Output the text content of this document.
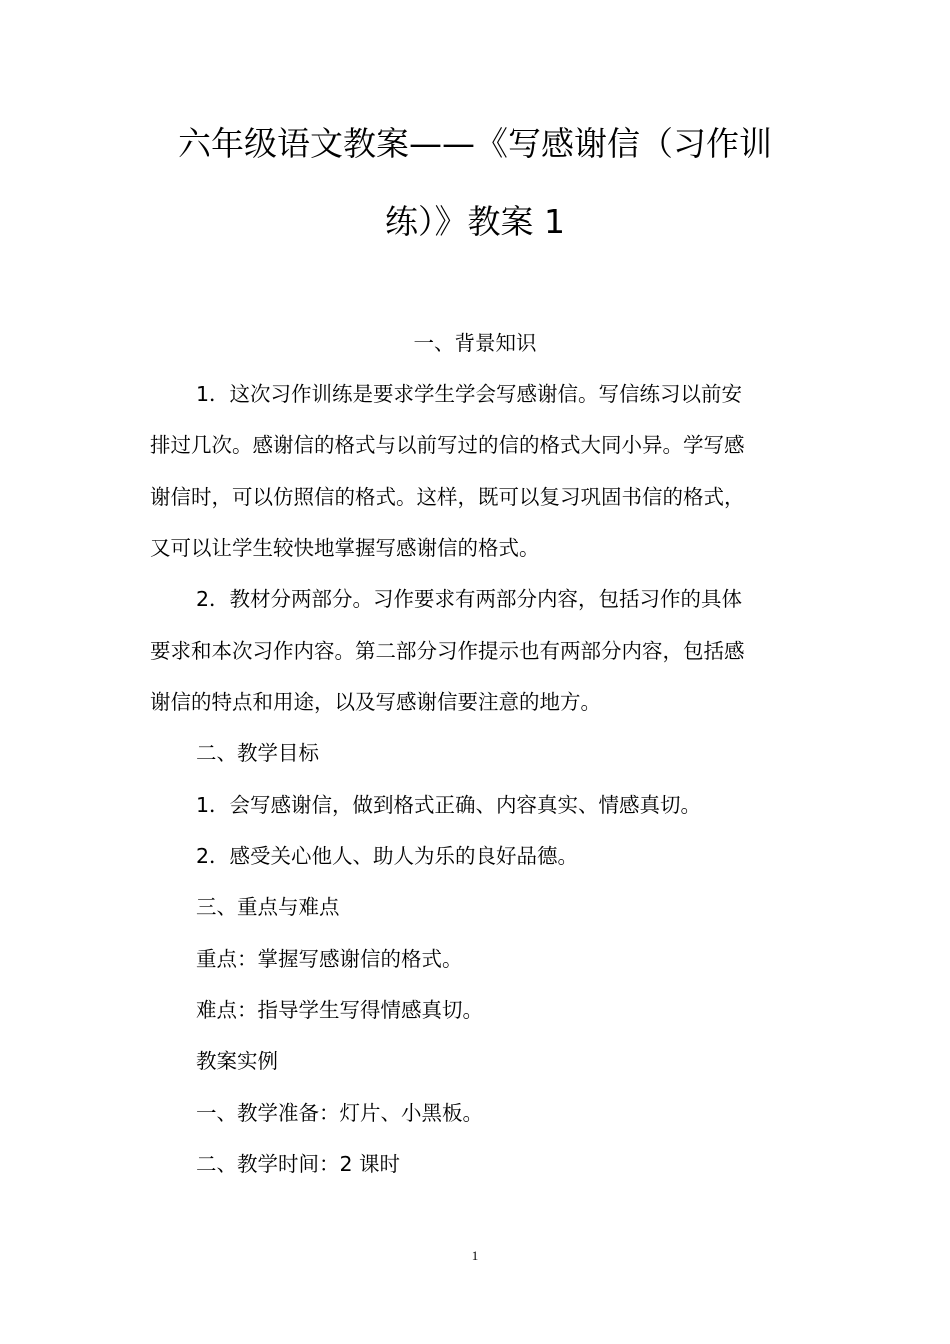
六年级语文教案——《写感谢信（习作训
练）》教案 1
一、背景知识
1．这次习作训练是要求学生学会写感谢信。写信练习以前安
排过几次。感谢信的格式与以前写过的信的格式大同小异。学写感
谢信时，可以仿照信的格式。这样，既可以复习巩固书信的格式，
又可以让学生较快地掌握写感谢信的格式。
2．教材分两部分。习作要求有两部分内容，包括习作的具体
要求和本次习作内容。第二部分习作提示也有两部分内容，包括感
谢信的特点和用途，以及写感谢信要注意的地方。
二、教学目标
1．会写感谢信，做到格式正确、内容真实、情感真切。
2．感受关心他人、助人为乐的良好品德。
三、重点与难点
重点：掌握写感谢信的格式。
难点：指导学生写得情感真切。
教案实例
一、教学准备：灯片、小黑板。
二、教学时间：2 课时
1
